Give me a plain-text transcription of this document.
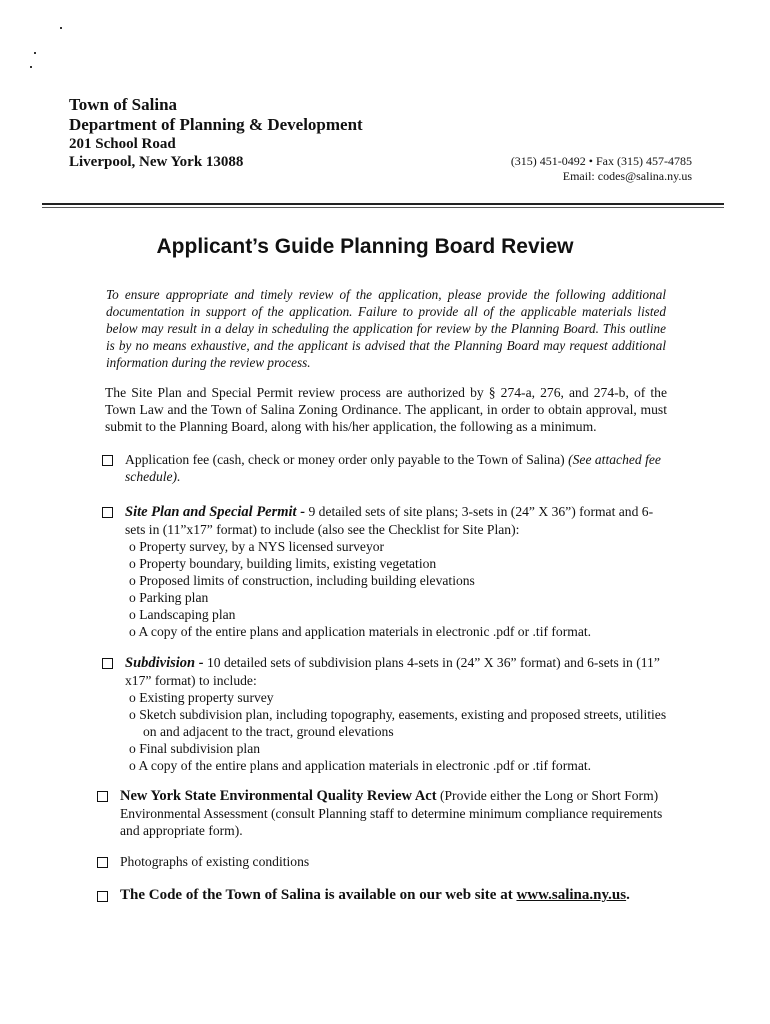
Town of Salina
Department of Planning & Development
201 School Road
Liverpool, New York 13088	(315) 451-0492 • Fax (315) 457-4785
Email: codes@salina.ny.us
Applicant’s Guide Planning Board Review
To ensure appropriate and timely review of the application, please provide the following additional documentation in support of the application. Failure to provide all of the applicable materials listed below may result in a delay in scheduling the application for review by the Planning Board. This outline is by no means exhaustive, and the applicant is advised that the Planning Board may request additional information during the review process.
The Site Plan and Special Permit review process are authorized by § 274-a, 276, and 274-b, of the Town Law and the Town of Salina Zoning Ordinance. The applicant, in order to obtain approval, must submit to the Planning Board, along with his/her application, the following as a minimum.
Application fee (cash, check or money order only payable to the Town of Salina) (See attached fee schedule).
Site Plan and Special Permit - 9 detailed sets of site plans; 3-sets in (24” X 36”) format and 6-sets in (11”x17” format) to include (also see the Checklist for Site Plan):
o Property survey, by a NYS licensed surveyor
o Property boundary, building limits, existing vegetation
o Proposed limits of construction, including building elevations
o Parking plan
o Landscaping plan
o A copy of the entire plans and application materials in electronic .pdf or .tif format.
Subdivision - 10 detailed sets of subdivision plans 4-sets in (24” X 36” format) and 6-sets in (11” x17” format) to include:
o Existing property survey
o Sketch subdivision plan, including topography, easements, existing and proposed streets, utilities on and adjacent to the tract, ground elevations
o Final subdivision plan
o A copy of the entire plans and application materials in electronic .pdf or .tif format.
New York State Environmental Quality Review Act (Provide either the Long or Short Form) Environmental Assessment (consult Planning staff to determine minimum compliance requirements and appropriate form).
Photographs of existing conditions
The Code of the Town of Salina is available on our web site at www.salina.ny.us.
